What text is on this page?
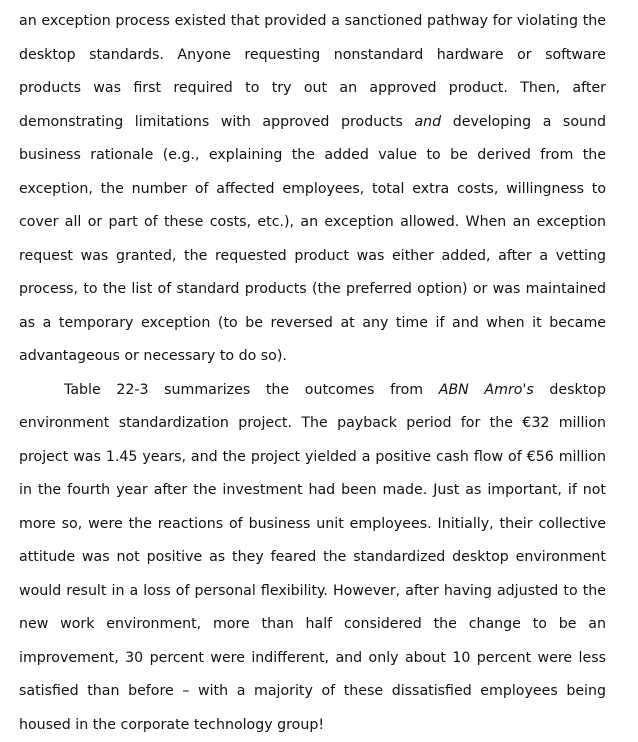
an exception process existed that provided a sanctioned pathway for violating the desktop standards. Anyone requesting nonstandard hardware or software products was first required to try out an approved product. Then, after demonstrating limitations with approved products and developing a sound business rationale (e.g., explaining the added value to be derived from the exception, the number of affected employees, total extra costs, willingness to cover all or part of these costs, etc.), an exception allowed. When an exception request was granted, the requested product was either added, after a vetting process, to the list of standard products (the preferred option) or was maintained as a temporary exception (to be reversed at any time if and when it became advantageous or necessary to do so).

Table 22-3 summarizes the outcomes from ABN Amro's desktop environment standardization project. The payback period for the €32 million project was 1.45 years, and the project yielded a positive cash flow of €56 million in the fourth year after the investment had been made. Just as important, if not more so, were the reactions of business unit employees. Initially, their collective attitude was not positive as they feared the standardized desktop environment would result in a loss of personal flexibility. However, after having adjusted to the new work environment, more than half considered the change to be an improvement, 30 percent were indifferent, and only about 10 percent were less satisfied than before – with a majority of these dissatisfied employees being housed in the corporate technology group!
